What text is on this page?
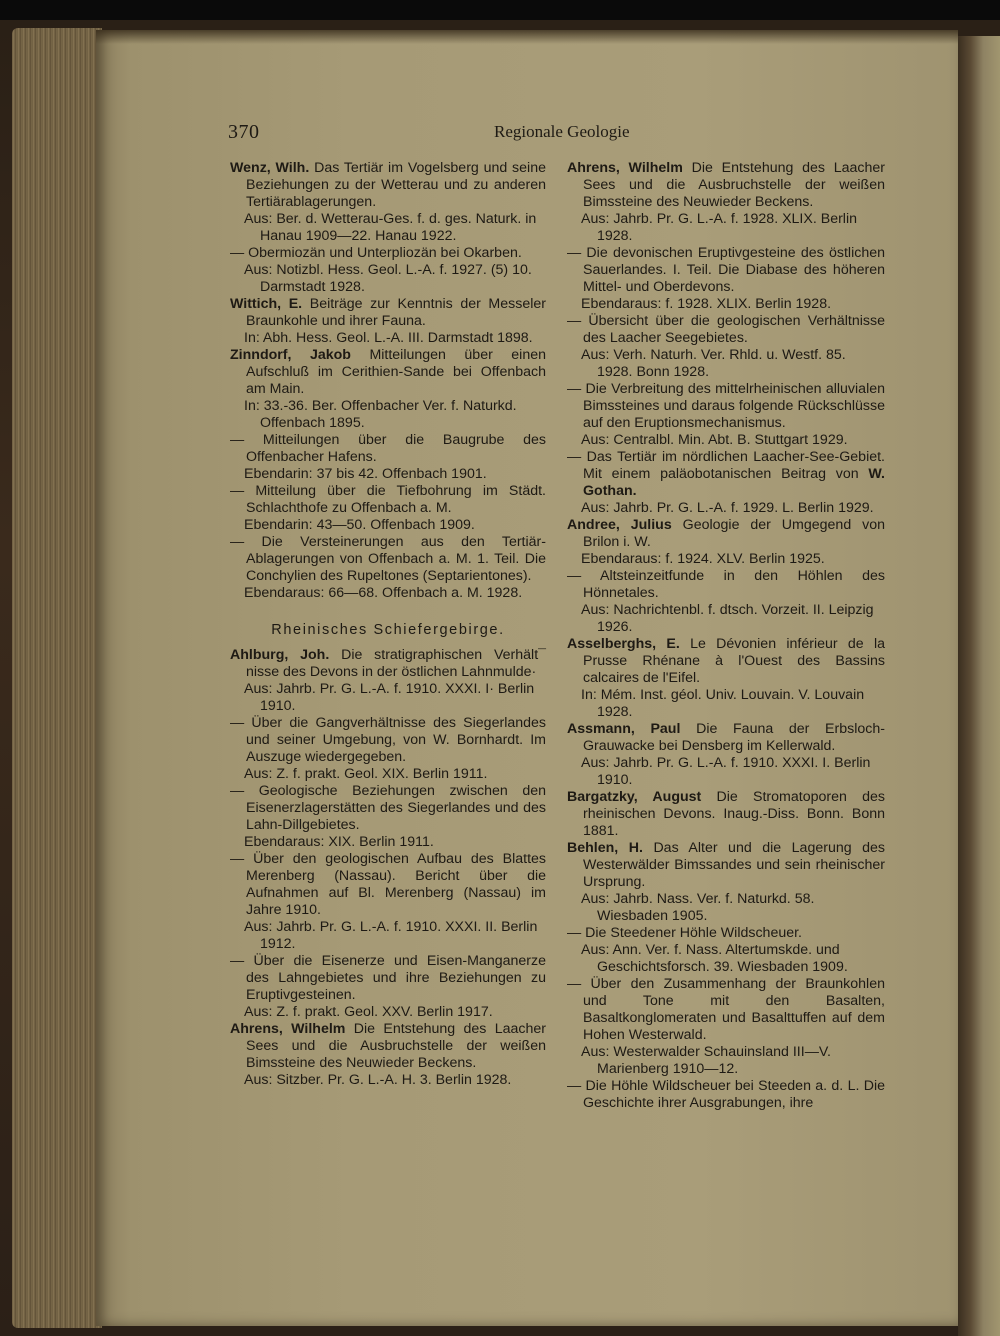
370	Regionale Geologie

Wenz, Wilh. Das Tertiär im Vogelsberg und seine Beziehungen zu der Wetterau und zu anderen Tertiärablagerungen.

Aus: Ber. d. Wetterau-Ges. f. d. ges. Naturk. in Hanau 1909—22. Hanau 1922.

— Obermiozän und Unterpliozän bei Okarben.

Aus: Notizbl. Hess. Geol. L.-A. f. 1927. (5) 10. Darmstadt 1928.

Wittich, E. Beiträge zur Kenntnis der Messeler Braunkohle und ihrer Fauna.

In: Abh. Hess. Geol. L.-A. III. Darmstadt 1898.

Zinndorf, Jakob Mitteilungen über einen Aufschluß im Cerithien-Sande bei Offenbach am Main.

In: 33.-36. Ber. Offenbacher Ver. f. Naturkd. Offenbach 1895.

— Mitteilungen über die Baugrube des Offenbacher Hafens.

Ebendarin: 37 bis 42. Offenbach 1901.

— Mitteilung über die Tiefbohrung im Städt. Schlachthofe zu Offenbach a. M.

Ebendarin: 43—50. Offenbach 1909.

— Die Versteinerungen aus den Tertiär-Ablagerungen von Offenbach a. M. 1. Teil. Die Conchylien des Rupeltones (Septarientones).

Ebendaraus: 66—68. Offenbach a. M. 1928.

Rheinisches Schiefergebirge.

Ahlburg, Joh. Die stratigraphischen Verhält¯ nisse des Devons in der östlichen Lahnmulde·

Aus: Jahrb. Pr. G. L.-A. f. 1910. XXXI. I· Berlin 1910.

— Über die Gangverhältnisse des Siegerlandes und seiner Umgebung, von W. Bornhardt. Im Auszuge wiedergegeben.

Aus: Z. f. prakt. Geol. XIX. Berlin 1911.

— Geologische Beziehungen zwischen den Eisenerzlagerstätten des Siegerlandes und des Lahn-Dillgebietes.

Ebendaraus: XIX. Berlin 1911.

— Über den geologischen Aufbau des Blattes Merenberg (Nassau). Bericht über die Aufnahmen auf Bl. Merenberg (Nassau) im Jahre 1910.

Aus: Jahrb. Pr. G. L.-A. f. 1910. XXXI. II. Berlin 1912.

— Über die Eisenerze und Eisen-Manganerze des Lahngebietes und ihre Beziehungen zu Eruptivgesteinen.

Aus: Z. f. prakt. Geol. XXV. Berlin 1917.

Ahrens, Wilhelm Die Entstehung des Laacher Sees und die Ausbruchstelle der weißen Bimssteine des Neuwieder Beckens.

Aus: Sitzber. Pr. G. L.-A. H. 3. Berlin 1928.

Ahrens, Wilhelm Die Entstehung des Laacher Sees und die Ausbruchstelle der weißen Bimssteine des Neuwieder Beckens.

Aus: Jahrb. Pr. G. L.-A. f. 1928. XLIX. Berlin 1928.

— Die devonischen Eruptivgesteine des östlichen Sauerlandes. I. Teil. Die Diabase des höheren Mittel- und Oberdevons.

Ebendaraus: f. 1928. XLIX. Berlin 1928.

— Übersicht über die geologischen Verhältnisse des Laacher Seegebietes.

Aus: Verh. Naturh. Ver. Rhld. u. Westf. 85. 1928. Bonn 1928.

— Die Verbreitung des mittelrheinischen alluvialen Bimssteines und daraus folgende Rückschlüsse auf den Eruptionsmechanismus.

Aus: Centralbl. Min. Abt. B. Stuttgart 1929.

— Das Tertiär im nördlichen Laacher-See-Gebiet. Mit einem paläobotanischen Beitrag von W. Gothan.

Aus: Jahrb. Pr. G. L.-A. f. 1929. L. Berlin 1929.

Andree, Julius Geologie der Umgegend von Brilon i. W.

Ebendaraus: f. 1924. XLV. Berlin 1925.

— Altsteinzeitfunde in den Höhlen des Hönnetales.

Aus: Nachrichtenbl. f. dtsch. Vorzeit. II. Leipzig 1926.

Asselberghs, E. Le Dévonien inférieur de la Prusse Rhénane à l'Ouest des Bassins calcaires de l'Eifel.

In: Mém. Inst. géol. Univ. Louvain. V. Louvain 1928.

Assmann, Paul Die Fauna der Erbsloch-Grauwacke bei Densberg im Kellerwald.

Aus: Jahrb. Pr. G. L.-A. f. 1910. XXXI. I. Berlin 1910.

Bargatzky, August Die Stromatoporen des rheinischen Devons. Inaug.-Diss. Bonn. Bonn 1881.

Behlen, H. Das Alter und die Lagerung des Westerwälder Bimssandes und sein rheinischer Ursprung.

Aus: Jahrb. Nass. Ver. f. Naturkd. 58. Wiesbaden 1905.

— Die Steedener Höhle Wildscheuer.

Aus: Ann. Ver. f. Nass. Altertumskde. und Geschichtsforsch. 39. Wiesbaden 1909.

— Über den Zusammenhang der Braunkohlen und Tone mit den Basalten, Basaltkonglomeraten und Basalttuffen auf dem Hohen Westerwald.

Aus: Westerwalder Schauinsland III—V. Marienberg 1910—12.

— Die Höhle Wildscheuer bei Steeden a. d. L. Die Geschichte ihrer Ausgrabungen, ihre
